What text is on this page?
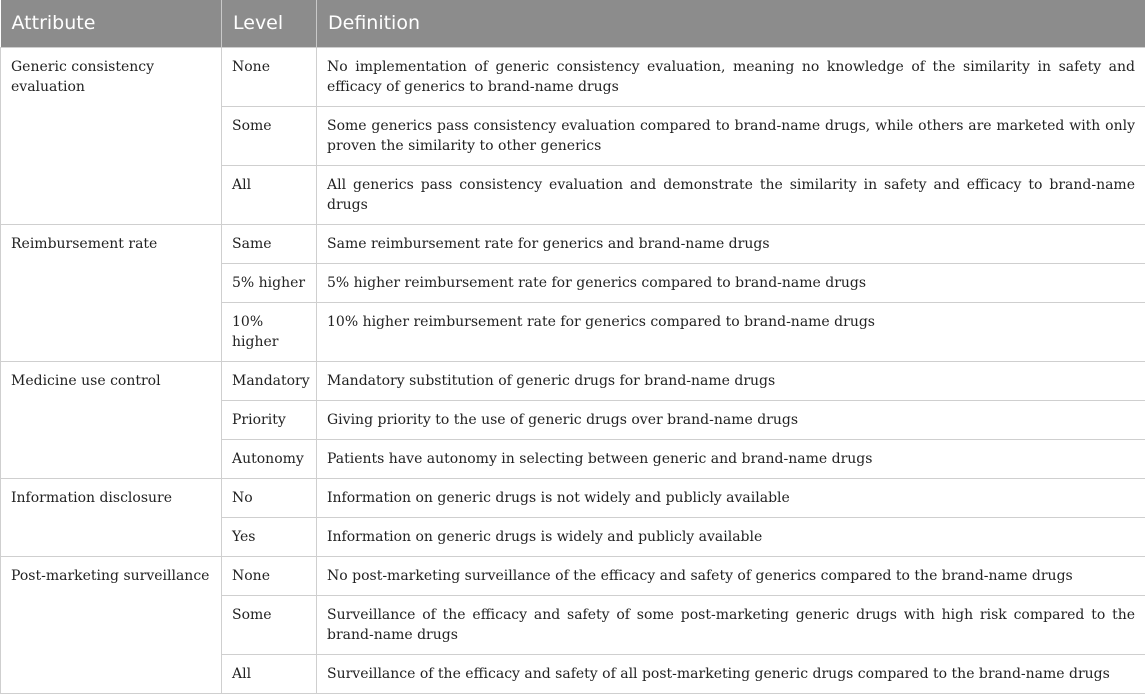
Attribute	Level	Definition
Generic consistency evaluation	None	No implementation of generic consistency evaluation, meaning no knowledge of the similarity in safety and efficacy of generics to brand-name drugs
	Some	Some generics pass consistency evaluation compared to brand-name drugs, while others are marketed with only proven the similarity to other generics
	All	All generics pass consistency evaluation and demonstrate the similarity in safety and efficacy to brand-name drugs
Reimbursement rate	Same	Same reimbursement rate for generics and brand-name drugs
	5% higher	5% higher reimbursement rate for generics compared to brand-name drugs
	10% higher	10% higher reimbursement rate for generics compared to brand-name drugs
Medicine use control	Mandatory	Mandatory substitution of generic drugs for brand-name drugs
	Priority	Giving priority to the use of generic drugs over brand-name drugs
	Autonomy	Patients have autonomy in selecting between generic and brand-name drugs
Information disclosure	No	Information on generic drugs is not widely and publicly available
	Yes	Information on generic drugs is widely and publicly available
Post-marketing surveillance	None	No post-marketing surveillance of the efficacy and safety of generics compared to the brand-name drugs
	Some	Surveillance of the efficacy and safety of some post-marketing generic drugs with high risk compared to the brand-name drugs
	All	Surveillance of the efficacy and safety of all post-marketing generic drugs compared to the brand-name drugs
